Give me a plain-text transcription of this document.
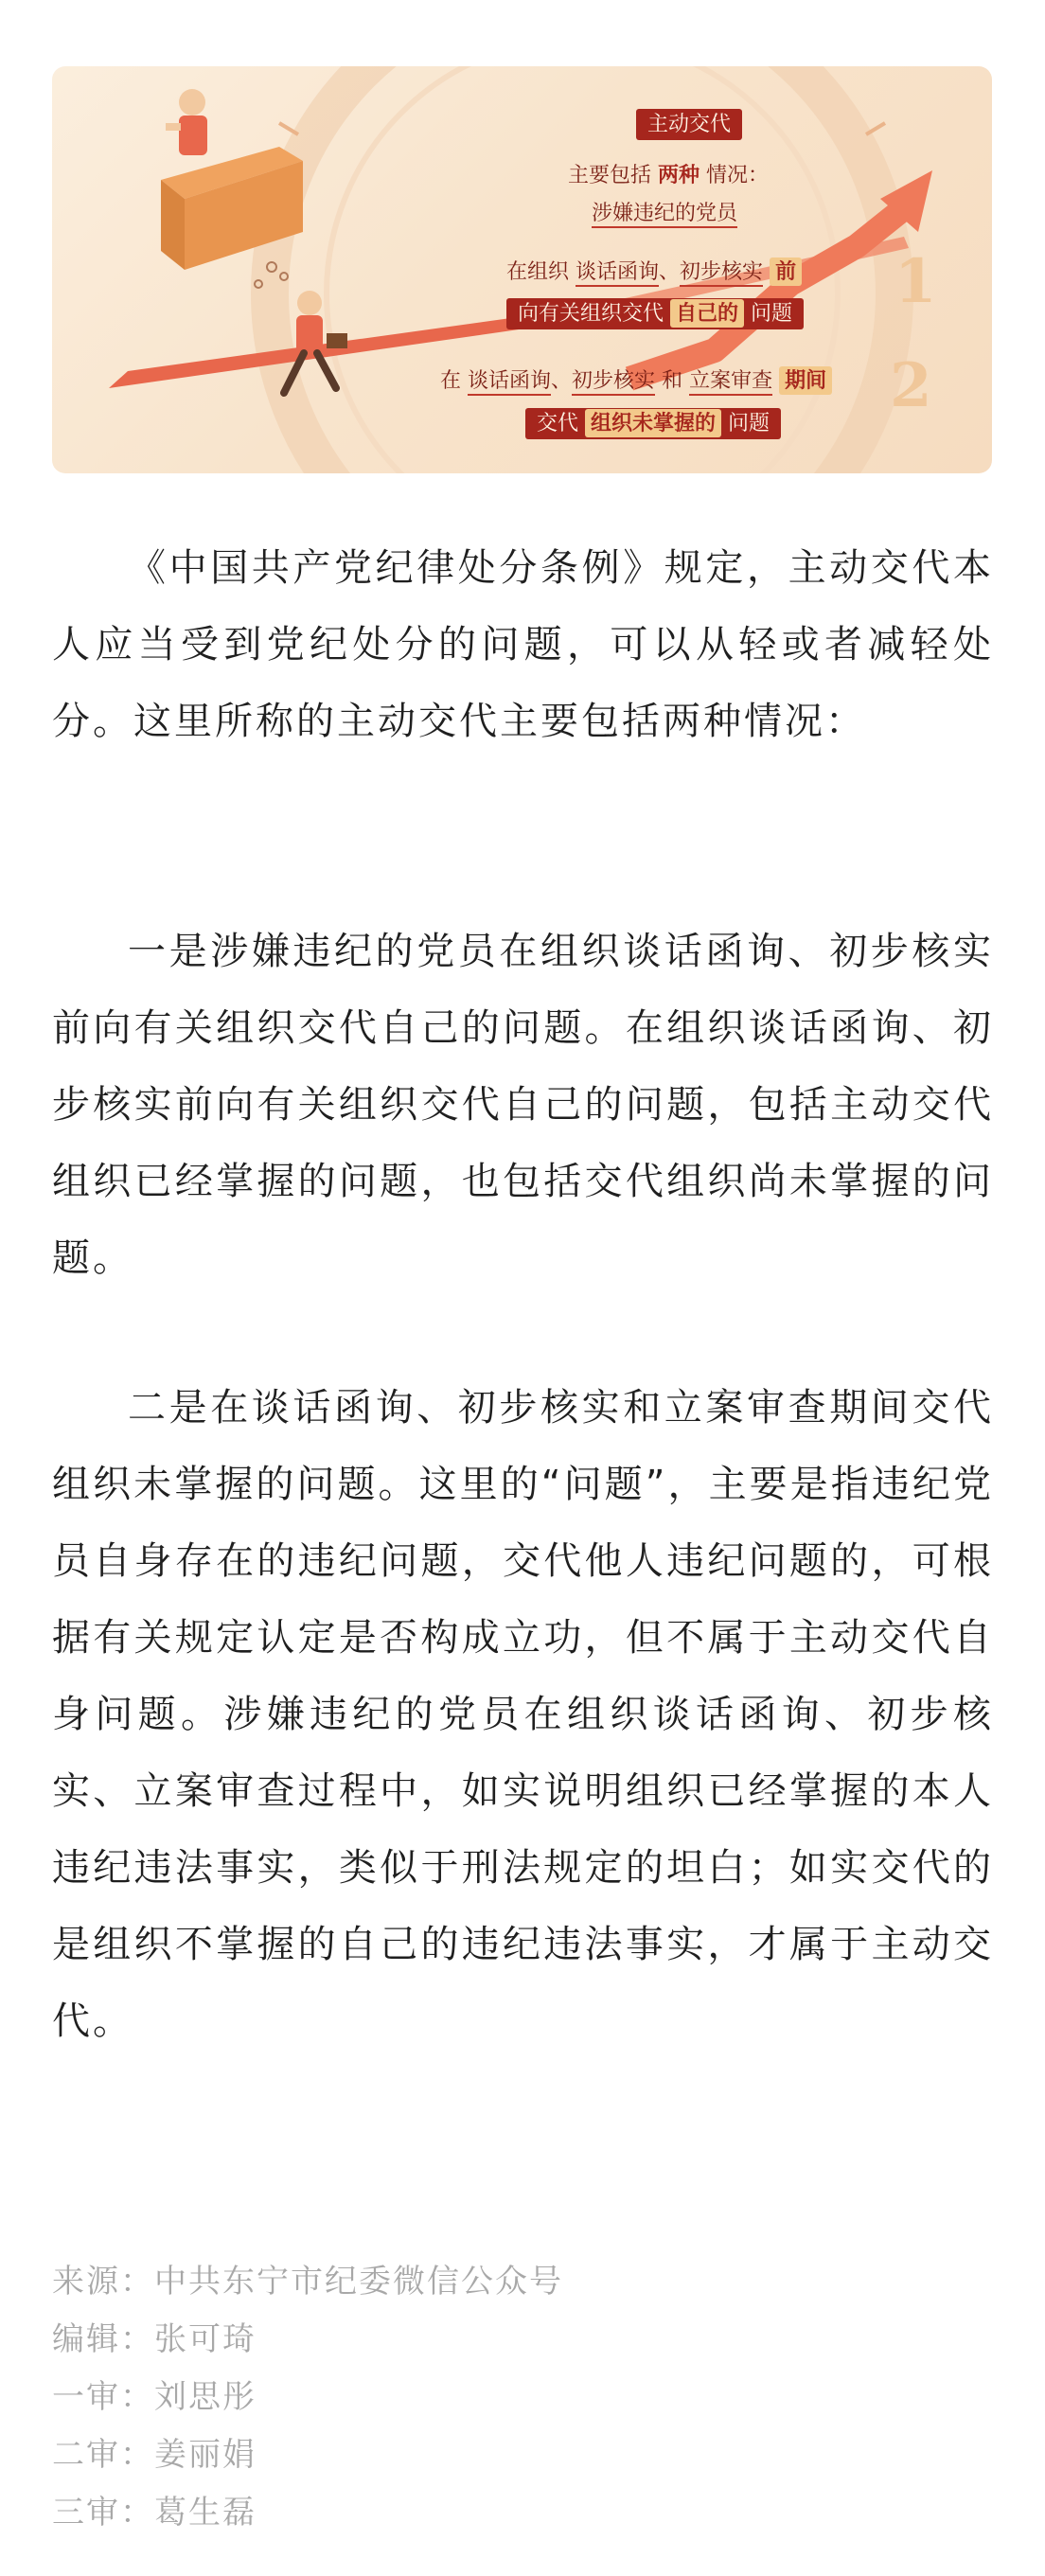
主动交代
主要包括 两种 情况：
涉嫌违纪的党员
在组织 谈话函询、初步核实 前
向有关组织交代 自己的 问题
在 谈话函询、初步核实 和 立案审查 期间
交代 组织未掌握的 问题
1
2

《中国共产党纪律处分条例》规定，主动交代本人应当受到党纪处分的问题，可以从轻或者减轻处分。这里所称的主动交代主要包括两种情况：

一是涉嫌违纪的党员在组织谈话函询、初步核实前向有关组织交代自己的问题。在组织谈话函询、初步核实前向有关组织交代自己的问题，包括主动交代组织已经掌握的问题，也包括交代组织尚未掌握的问题。

二是在谈话函询、初步核实和立案审查期间交代组织未掌握的问题。这里的“问题”，主要是指违纪党员自身存在的违纪问题，交代他人违纪问题的，可根据有关规定认定是否构成立功，但不属于主动交代自身问题。涉嫌违纪的党员在组织谈话函询、初步核实、立案审查过程中，如实说明组织已经掌握的本人违纪违法事实，类似于刑法规定的坦白；如实交代的是组织不掌握的自己的违纪违法事实，才属于主动交代。

来源：中共东宁市纪委微信公众号
编辑：张可琦
一审：刘思彤
二审：姜丽娟
三审：葛生磊
